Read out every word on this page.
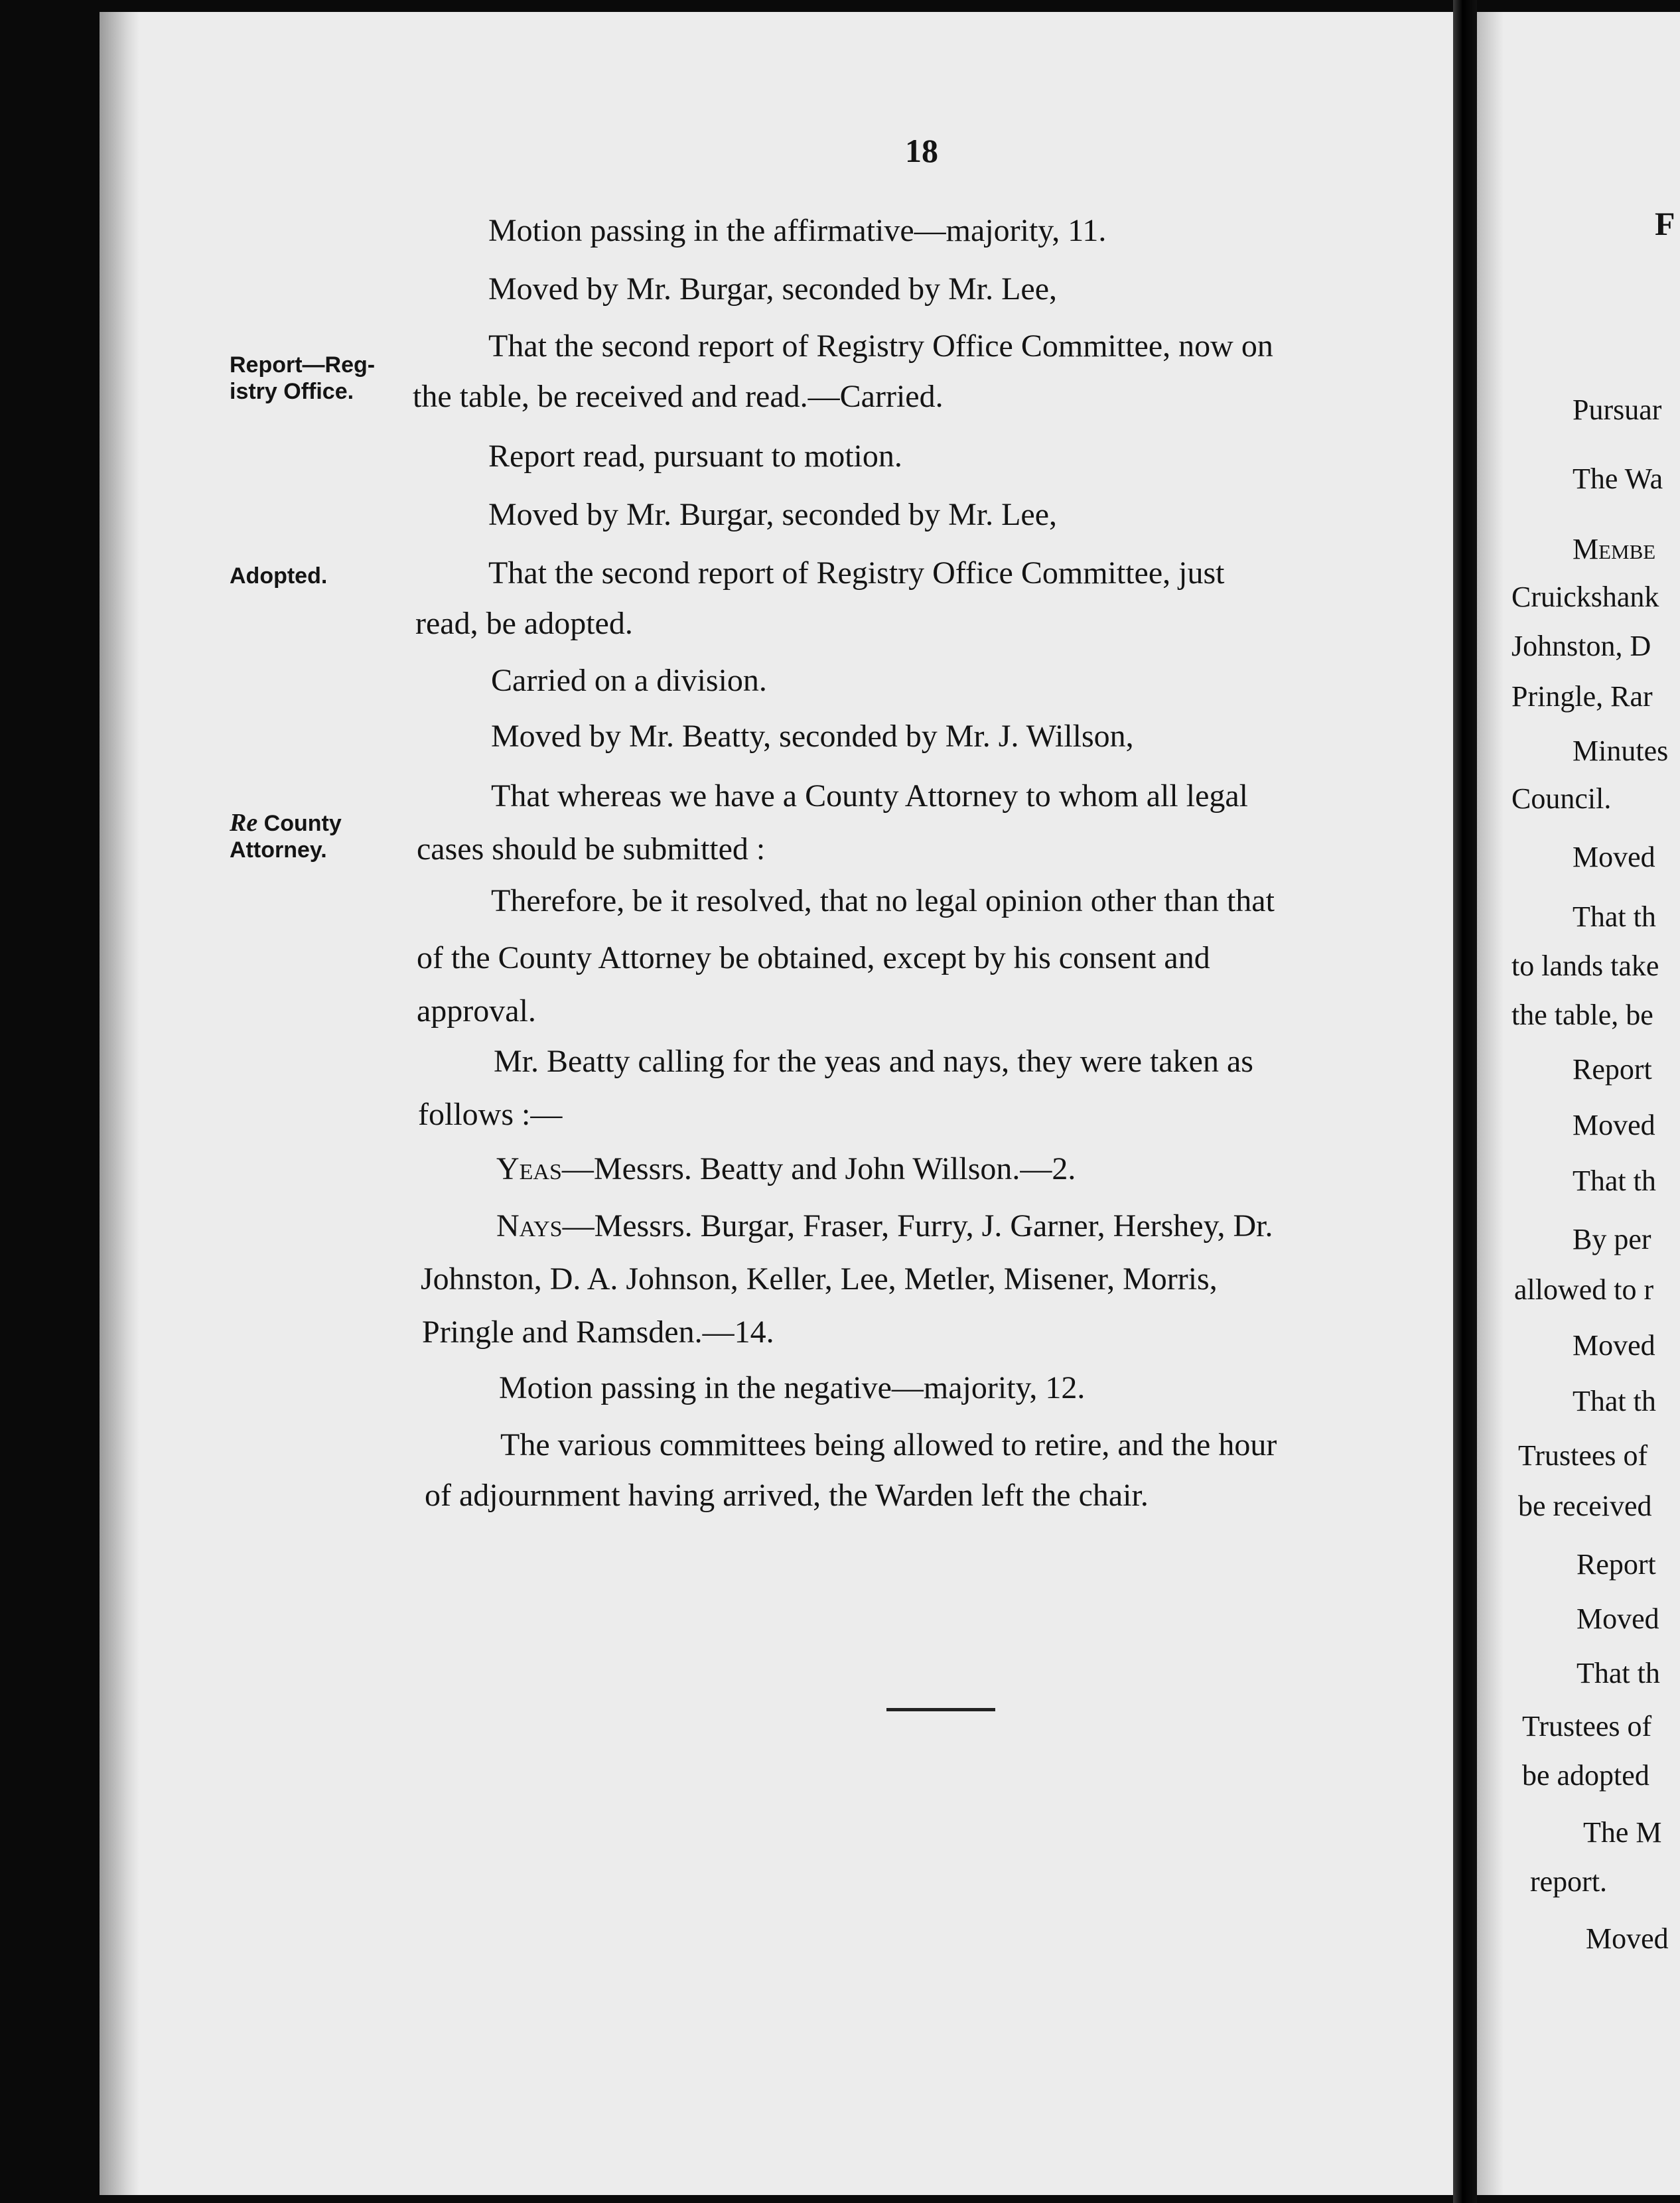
18
Report—Reg-
istry Office.
Adopted.
Re County
Attorney.
Motion passing in the affirmative—majority, 11.
Moved by Mr. Burgar, seconded by Mr. Lee,
That the second report of Registry Office Committee, now on
the table, be received and read.—Carried.
Report read, pursuant to motion.
Moved by Mr. Burgar, seconded by Mr. Lee,
That the second report of Registry Office Committee, just
read, be adopted.
Carried on a division.
Moved by Mr. Beatty, seconded by Mr. J. Willson,
That whereas we have a County Attorney to whom all legal
cases should be submitted :
Therefore, be it resolved, that no legal opinion other than that
of the County Attorney be obtained, except by his consent and
approval.
Mr. Beatty calling for the yeas and nays, they were taken as
follows :—
Yeas—Messrs. Beatty and John Willson.—2.
Nays—Messrs. Burgar, Fraser, Furry, J. Garner, Hershey, Dr.
Johnston, D. A. Johnson, Keller, Lee, Metler, Misener, Morris,
Pringle and Ramsden.—14.
Motion passing in the negative—majority, 12.
The various committees being allowed to retire, and the hour
of adjournment having arrived, the Warden left the chair.
F
Pursuar
The Wa
Membe
Cruickshank
Johnston, D
Pringle, Rar
Minutes
Council.
Moved
That th
to lands take
the table, be
Report
Moved
That th
By per
allowed to r
Moved
That th
Trustees of
be received
Report
Moved
That th
Trustees of
be adopted
The M
report.
Moved
